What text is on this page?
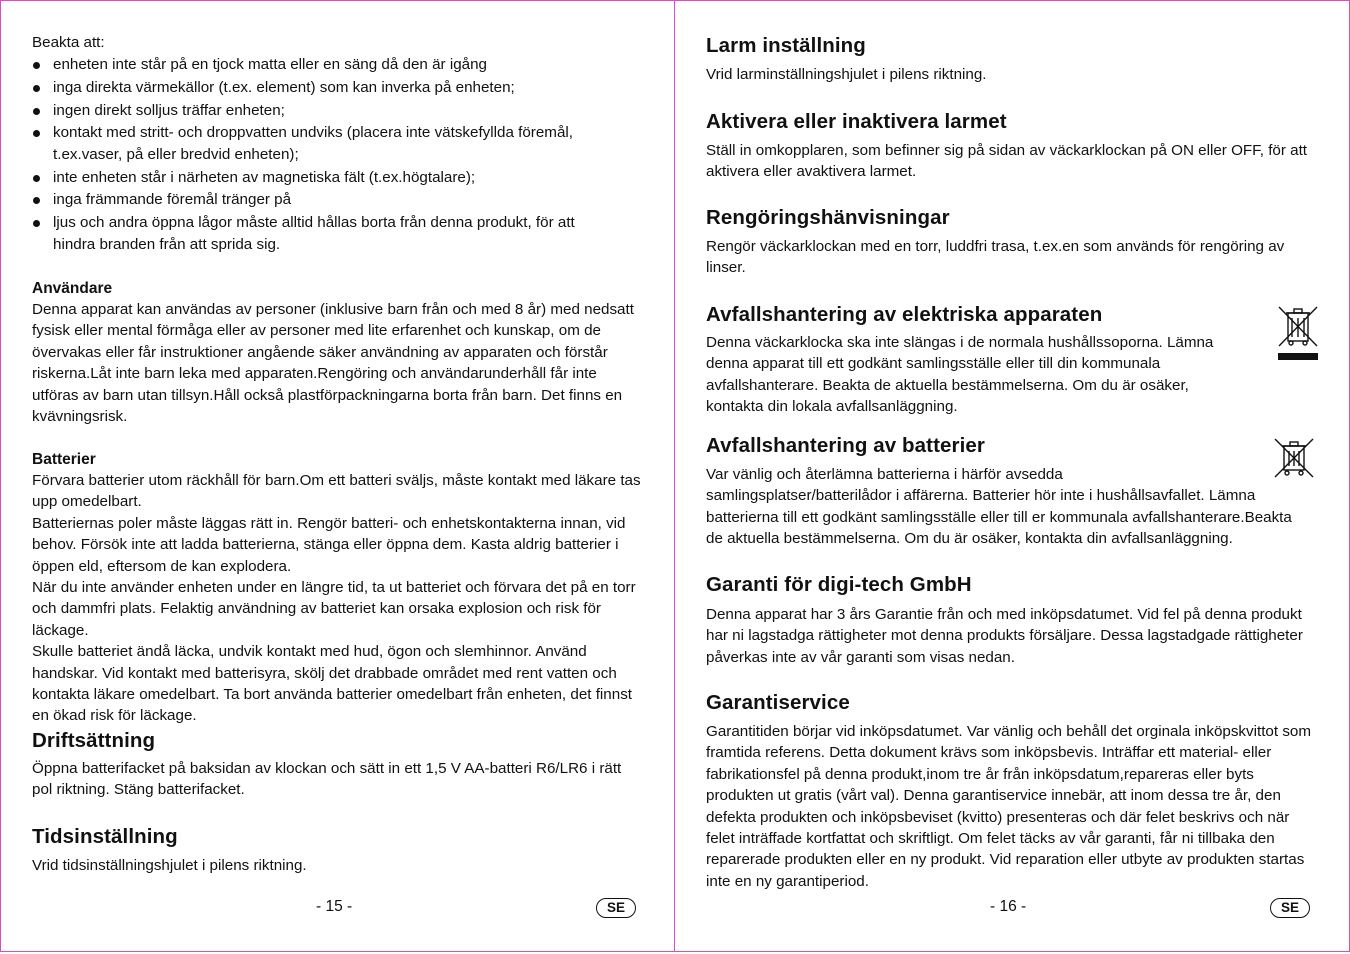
Beakta att:

enheten inte står på en tjock matta eller en säng då den är igång
inga direkta värmekällor (t.ex. element) som kan inverka på enheten;
ingen direkt solljus träffar enheten;
kontakt med stritt- och droppvatten undviks (placera inte vätskefyllda föremål, t.ex.vaser, på eller bredvid enheten);
inte enheten står i närheten av magnetiska fält (t.ex.högtalare);
inga främmande föremål tränger på
ljus och andra öppna lågor måste alltid hållas borta från denna produkt, för att hindra branden från att sprida sig.
Användare

Denna apparat kan användas av personer (inklusive barn från och med 8 år) med nedsatt fysisk eller mental förmåga eller av personer med lite erfarenhet och kunskap, om de övervakas eller får instruktioner angående säker användning av apparaten och förstår riskerna.Låt inte barn leka med apparaten.Rengöring och användarunderhåll får inte utföras av barn utan tillsyn.Håll också plastförpackningarna borta från barn. Det finns en kvävningsrisk.

Batterier

Förvara batterier utom räckhåll för barn.Om ett batteri sväljs, måste kontakt med läkare tas upp omedelbart.

Batteriernas poler måste läggas rätt in. Rengör batteri- och enhetskontakterna innan, vid behov. Försök inte att ladda batterierna, stänga eller öppna dem. Kasta aldrig batterier i öppen eld, eftersom de kan explodera.

När du inte använder enheten under en längre tid, ta ut batteriet och förvara det på en torr och dammfri plats. Felaktig användning av batteriet kan orsaka explosion och risk för läckage.

Skulle batteriet ändå läcka, undvik kontakt med hud, ögon och slemhinnor. Använd handskar. Vid kontakt med batterisyra, skölj det drabbade området med rent vatten och kontakta läkare omedelbart. Ta bort använda batterier omedelbart från enheten, det finnst en ökad risk för läckage.

Driftsättning

Öppna batterifacket på baksidan av klockan och sätt in ett 1,5 V AA-batteri R6/LR6 i rätt pol riktning. Stäng batterifacket.

Tidsinställning

Vrid tidsinställningshjulet i pilens riktning.

- 15 -	SE
Larm inställning

Vrid larminställningshjulet i pilens riktning.

Aktivera eller inaktivera larmet

Ställ in omkopplaren, som befinner sig på sidan av väckarklockan på ON eller OFF, för att aktivera eller avaktivera larmet.

Rengöringshänvisningar

Rengör väckarklockan med en torr, luddfri trasa, t.ex.en som används för rengöring av linser.

Avfallshantering av elektriska apparaten

Denna väckarklocka ska inte slängas i de normala hushållssoporna. Lämna denna apparat till ett godkänt samlingsställe eller till din kommunala avfallshanterare. Beakta de aktuella bestämmelserna. Om du är osäker, kontakta din lokala avfallsanläggning.

Avfallshantering av batterier

Var vänlig och återlämna batterierna i härför avsedda samlingsplatser/batterilådor i affärerna. Batterier hör inte i hushållsavfallet. Lämna batterierna till ett godkänt samlingsställe eller till er kommunala avfallshanterare.Beakta de aktuella bestämmelserna. Om du är osäker, kontakta din avfallsanläggning.

Garanti för digi-tech GmbH

Denna apparat har 3 års Garantie från och med inköpsdatumet. Vid fel på denna produkt har ni lagstadga rättigheter mot denna produkts försäljare. Dessa lagstadgade rättigheter påverkas inte av vår garanti som visas nedan.

Garantiservice

Garantitiden börjar vid inköpsdatumet. Var vänlig och behåll det orginala inköpskvittot som framtida referens. Detta dokument krävs som inköpsbevis. Inträffar ett material- eller fabrikationsfel på denna produkt,inom tre år från inköpsdatum,repareras eller byts produkten ut gratis (vårt val). Denna garantiservice innebär, att inom dessa tre år, den defekta produkten och inköpsbeviset (kvitto) presenteras och där felet beskrivs och när felet inträffade kortfattat och skriftligt. Om felet täcks av vår garanti, får ni tillbaka den reparerade produkten eller en ny produkt. Vid reparation eller utbyte av produkten startas inte en ny garantiperiod.

- 16 -	SE
